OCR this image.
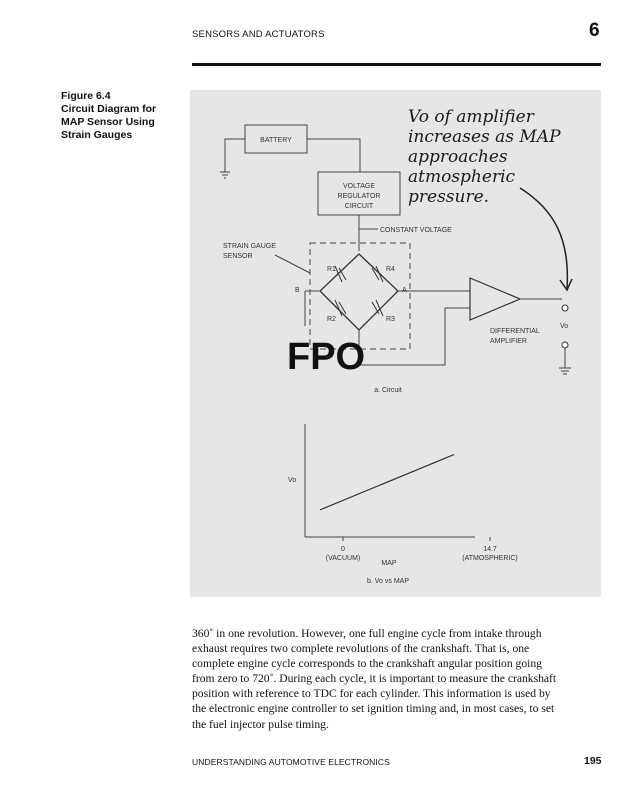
SENSORS AND ACTUATORS	6
Figure 6.4
Circuit Diagram for
MAP Sensor Using
Strain Gauges	BATTERY
VOLTAGE
REGULATOR
CIRCUIT
CONSTANT VOLTAGE
STRAIN GAUGE
SENSOR
R1	R4
R2	R3
B	A
Vo
DIFFERENTIAL
AMPLIFIER
Vo of amplifier
increases as MAP
approaches
atmospheric
pressure.
FPO
a. Circuit
Vo
MAP
b. Vo vs MAP
0
(VACUUM)
14.7
(ATMOSPHERIC)
360˚ in one revolution. However, one full engine cycle from intake through
exhaust requires two complete revolutions of the crankshaft. That is, one
complete engine cycle corresponds to the crankshaft angular position going
from zero to 720˚. During each cycle, it is important to measure the crankshaft
position with reference to TDC for each cylinder. This information is used by
the electronic engine controller to set ignition timing and, in most cases, to set
the fuel injector pulse timing.
UNDERSTANDING AUTOMOTIVE ELECTRONICS	195
